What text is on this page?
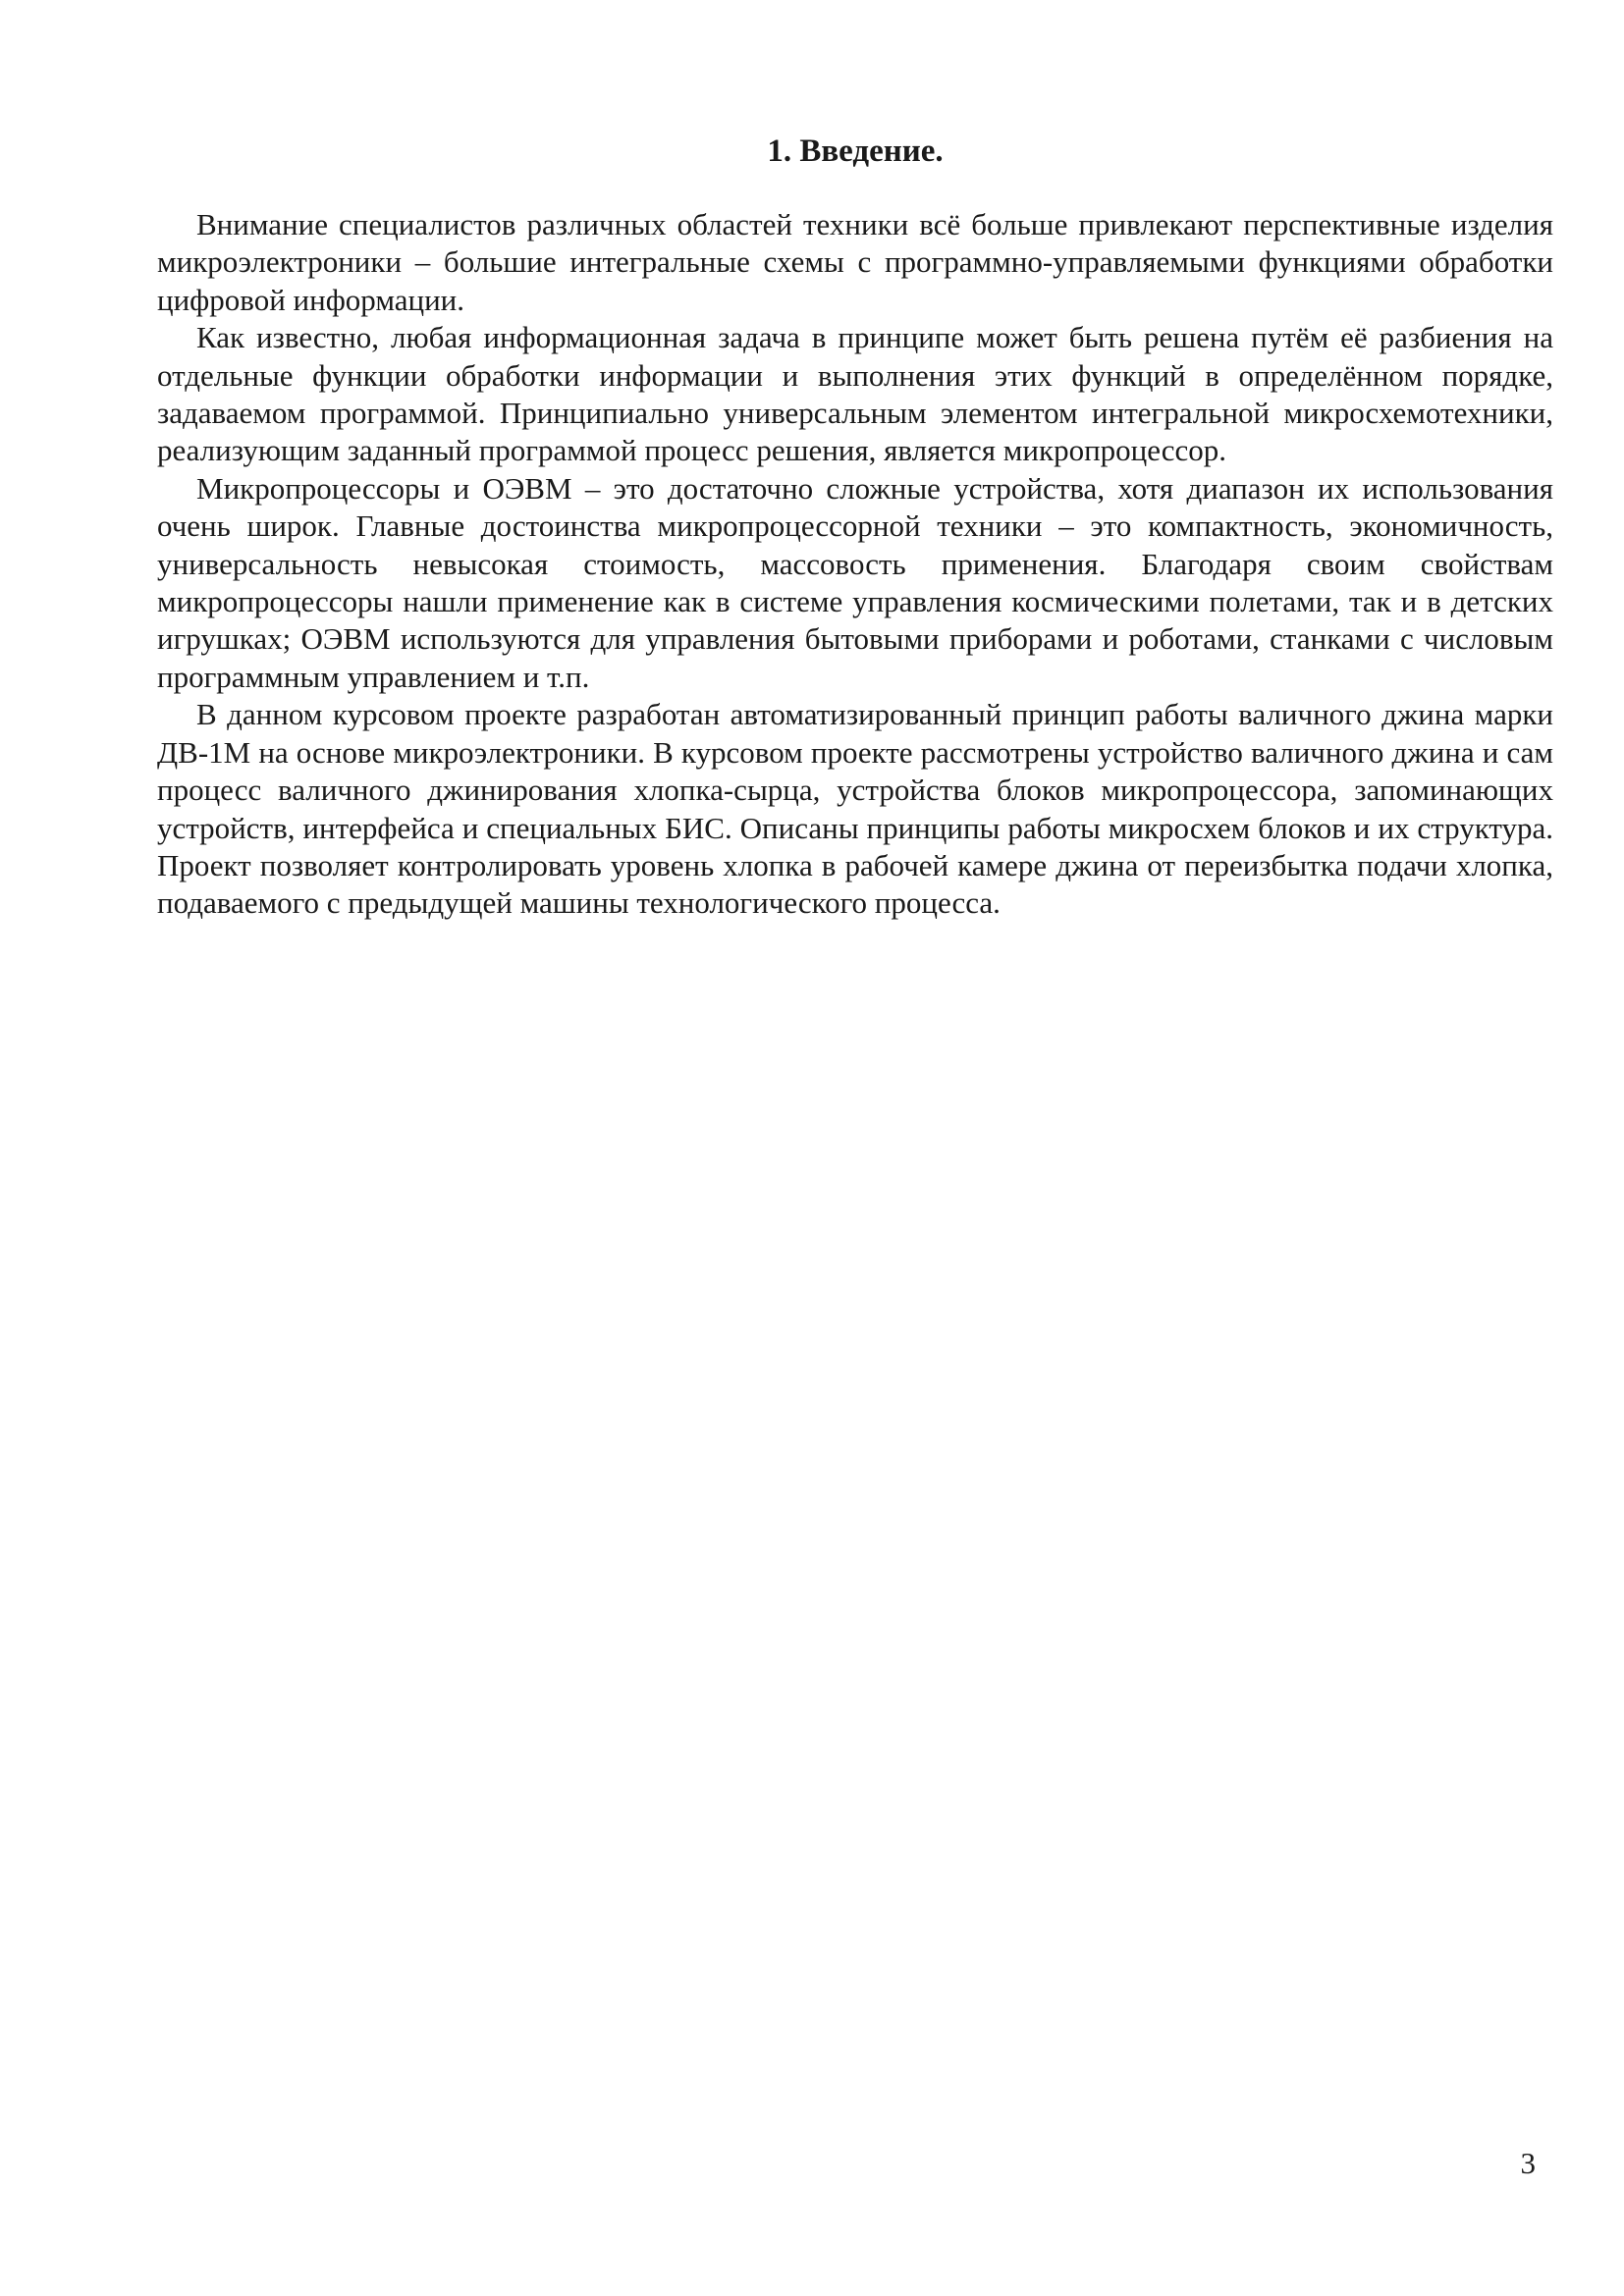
1. Введение.

Внимание специалистов различных областей техники всё больше привлекают перспективные изделия микроэлектроники – большие интегральные схемы с программно-управляемыми функциями обработки цифровой информации.

Как известно, любая информационная задача в принципе может быть решена путём её разбиения на отдельные функции обработки информации и выполнения этих функций в определённом порядке, задаваемом программой. Принципиально универсальным элементом интегральной микросхемотехники, реализующим заданный программой процесс решения, является микропроцессор.

Микропроцессоры и ОЭВМ – это достаточно сложные устройства, хотя диапазон их использования очень широк. Главные достоинства микропроцессорной техники – это компактность, экономичность, универсальность невысокая стоимость, массовость применения. Благодаря своим свойствам микропроцессоры нашли применение как в системе управления космическими полетами, так и в детских игрушках; ОЭВМ используются для управления бытовыми приборами и роботами, станками с числовым программным управлением и т.п.

В данном курсовом проекте разработан автоматизированный принцип работы валичного джина марки ДВ-1М на основе микроэлектроники. В курсовом проекте рассмотрены устройство валичного джина и сам процесс валичного джинирования хлопка-сырца, устройства блоков микропроцессора, запоминающих устройств, интерфейса и специальных БИС. Описаны принципы работы микросхем блоков и их структура. Проект позволяет контролировать уровень хлопка в рабочей камере джина от переизбытка подачи хлопка, подаваемого с предыдущей машины технологического процесса.

3
